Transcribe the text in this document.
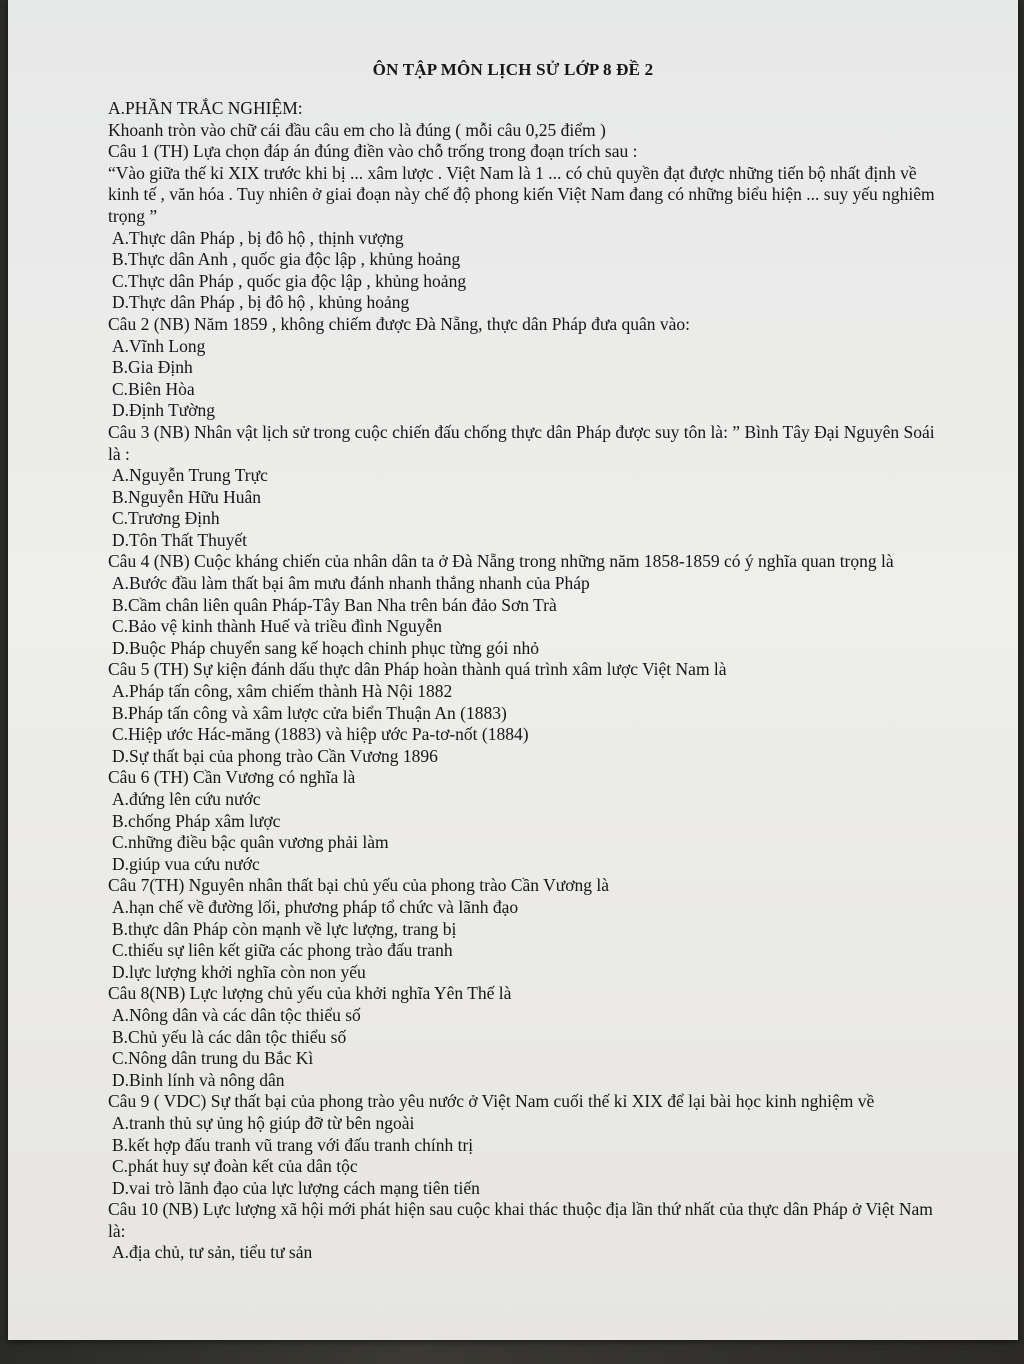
ÔN TẬP MÔN LỊCH SỬ LỚP 8 ĐỀ 2
A.PHẦN TRẮC NGHIỆM:
Khoanh tròn vào chữ cái đầu câu em cho là đúng ( mỗi câu 0,25 điểm )
Câu 1 (TH) Lựa chọn đáp án đúng điền vào chỗ trống trong đoạn trích sau :
“Vào giữa thế kỉ XIX trước khi bị ... xâm lược . Việt Nam là 1 ... có chủ quyền đạt được những tiến bộ nhất định về kinh tế , văn hóa . Tuy nhiên ở giai đoạn này chế độ phong kiến Việt Nam đang có những biểu hiện ... suy yếu nghiêm trọng ”
A.Thực dân Pháp , bị đô hộ , thịnh vượng
B.Thực dân Anh , quốc gia độc lập , khủng hoảng
C.Thực dân Pháp , quốc gia độc lập , khủng hoảng
D.Thực dân Pháp , bị đô hộ , khủng hoảng
Câu 2 (NB) Năm 1859 , không chiếm được Đà Nẵng, thực dân Pháp đưa quân vào:
A.Vĩnh Long
B.Gia Định
C.Biên Hòa
D.Định Tường
Câu 3 (NB) Nhân vật lịch sử trong cuộc chiến đấu chống thực dân Pháp được suy tôn là: ” Bình Tây Đại Nguyên Soái là :
A.Nguyễn Trung Trực
B.Nguyễn Hữu Huân
C.Trương Định
D.Tôn Thất Thuyết
Câu 4 (NB) Cuộc kháng chiến của nhân dân ta ở Đà Nẵng trong những năm 1858-1859 có ý nghĩa quan trọng là
A.Bước đầu làm thất bại âm mưu đánh nhanh thắng nhanh của Pháp
B.Cầm chân liên quân Pháp-Tây Ban Nha trên bán đảo Sơn Trà
C.Bảo vệ kinh thành Huế và triều đình Nguyễn
D.Buộc Pháp chuyển sang kế hoạch chinh phục từng gói nhỏ
Câu 5 (TH) Sự kiện đánh dấu thực dân Pháp hoàn thành quá trình xâm lược Việt Nam là
A.Pháp tấn công, xâm chiếm thành Hà Nội 1882
B.Pháp tấn công và xâm lược cửa biển Thuận An (1883)
C.Hiệp ước Hác-măng (1883) và hiệp ước Pa-tơ-nốt (1884)
D.Sự thất bại của phong trào Cần Vương 1896
Câu 6 (TH) Cần Vương có nghĩa là
A.đứng lên cứu nước
B.chống Pháp xâm lược
C.những điều bậc quân vương phải làm
D.giúp vua cứu nước
Câu 7(TH) Nguyên nhân thất bại chủ yếu của phong trào Cần Vương là
A.hạn chế về đường lối, phương pháp tổ chức và lãnh đạo
B.thực dân Pháp còn mạnh về lực lượng, trang bị
C.thiếu sự liên kết giữa các phong trào đấu tranh
D.lực lượng khởi nghĩa còn non yếu
Câu 8(NB) Lực lượng chủ yếu của khởi nghĩa Yên Thế là
A.Nông dân và các dân tộc thiểu số
B.Chủ yếu là các dân tộc thiểu số
C.Nông dân trung du Bắc Kì
D.Binh lính và nông dân
Câu 9 ( VDC) Sự thất bại của phong trào yêu nước ở Việt Nam cuối thế kỉ XIX để lại bài học kinh nghiệm về
A.tranh thủ sự ủng hộ giúp đỡ từ bên ngoài
B.kết hợp đấu tranh vũ trang với đấu tranh chính trị
C.phát huy sự đoàn kết của dân tộc
D.vai trò lãnh đạo của lực lượng cách mạng tiên tiến
Câu 10 (NB) Lực lượng xã hội mới phát hiện sau cuộc khai thác thuộc địa lần thứ nhất của thực dân Pháp ở Việt Nam là:
A.địa chủ, tư sản, tiểu tư sản
